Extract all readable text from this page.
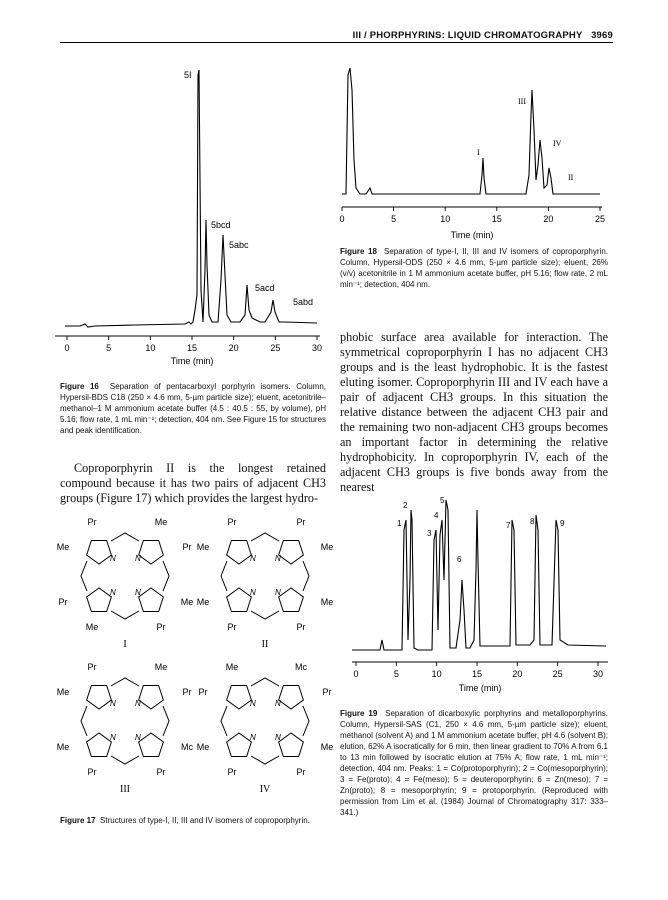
III / PHORPHYRINS: LIQUID CHROMATOGRAPHY 3969
0	5	10	15	20	25	30
5I
5bcd
5abc
5acd
5abd
Time (min)
Figure 16 Separation of pentacarboxyl porphyrin isomers. Column, Hypersil-BDS C18 (250 × 4.6 mm, 5-µm particle size); eluent, acetonitrile–methanol–1 M ammonium acetate buffer (4.5 : 40.5 : 55, by volume), pH 5.16; flow rate, 1 mL min⁻¹; detection, 404 nm. See Figure 15 for structures and peak identification.
Coproporphyrin II is the longest retained compound because it has two pairs of adjacent CH3 groups (Figure 17) which provides the largest hydro-
0	5	10	15	20	25
I
III
IV
II
Time (min)
Figure 18 Separation of type-I, II, III and IV isomers of coproporphyrin. Column, Hypersil-ODS (250 × 4.6 mm, 5-µm particle size); eluent, 26% (v/v) acetonitrile in 1 M ammonium acetate buffer, pH 5.16; flow rate, 2 mL min⁻¹; detection, 404 nm.
phobic surface area available for interaction. The symmetrical coproporphyrin I has no adjacent CH3 groups and is the least hydrophobic. It is the fastest eluting isomer. Coproporphyrin III and IV each have a pair of adjacent CH3 groups. In this situation the relative distance between the adjacent CH3 pair and the remaining two non-adjacent CH3 groups becomes an important factor in determining the relative hydrophobicity. In coproporphyrin IV, each of the adjacent CH3 groups is five bonds away from the nearest
N N
N N
Pr	Me
Me	Pr
Pr	Me
Me	Pr
I
N N
N N
Pr	Pr
Me	Me
Me	Me
Pr	Pr
II
N N
N N
Pr	Me
Me	Pr
Me	Mc
Pr	Pr
III
N N
N N
Me	Mc
Pr	Pr
Me	Me
Pr	Pr
IV
Figure 17 Structures of type-I, II, III and IV isomers of coproporphyrin.
0	5	10	15	20	25	30
1
2
3
4
5
6
7 8	9
Time (min)
Figure 19 Separation of dicarboxylic porphyrins and metalloporphyrins. Column, Hypersil-SAS (C1, 250 × 4.6 mm, 5-µm particle size); eluent, methanol (solvent A) and 1 M ammonium acetate buffer, pH 4.6 (solvent B); elution, 62% A isocratically for 6 min, then linear gradient to 70% A from 6.1 to 13 min followed by isocratic elution at 75% A; flow rate, 1 mL min⁻¹; detection, 404 nm. Peaks: 1 = Co(protoporphyrin); 2 = Co(mesoporphyrin); 3 = Fe(proto); 4 = Fe(meso); 5 = deuteroporphyrin; 6 = Zn(meso); 7 = Zn(proto); 8 = mesoporphyrin; 9 = protoporphyrin. (Reproduced with permission from Lim et al. (1984) Journal of Chromatography 317: 333–341.)
